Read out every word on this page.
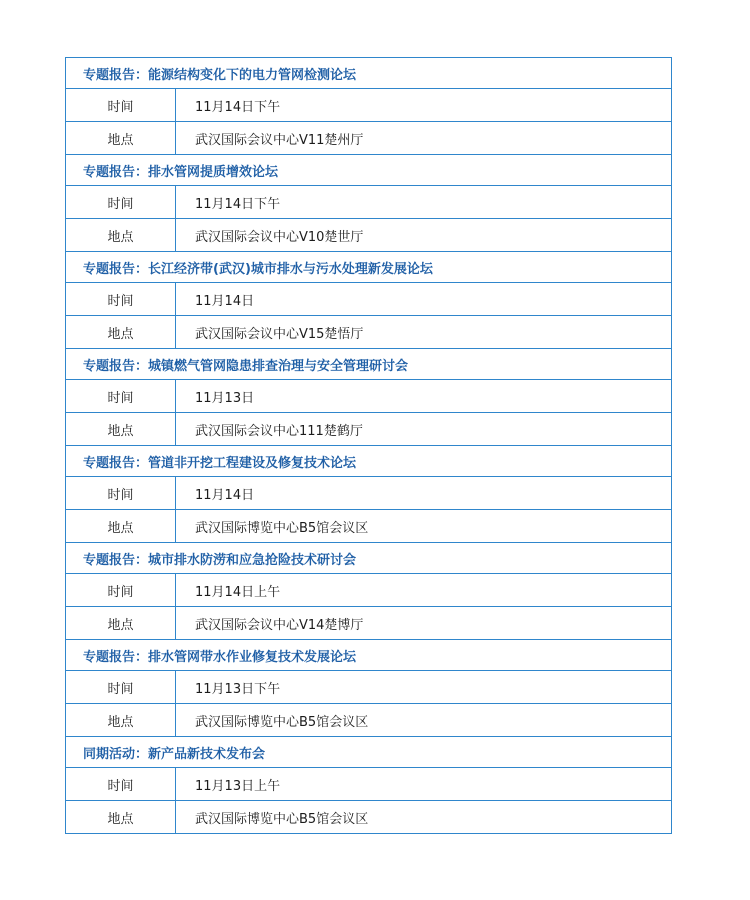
专题报告：能源结构变化下的电力管网检测论坛	
时间	11月14日下午
地点	武汉国际会议中心V11楚州厅
专题报告：排水管网提质增效论坛	
时间	11月14日下午
地点	武汉国际会议中心V10楚世厅
专题报告：长江经济带(武汉)城市排水与污水处理新发展论坛	
时间	11月14日
地点	武汉国际会议中心V15楚悟厅
专题报告：城镇燃气管网隐患排查治理与安全管理研讨会	
时间	11月13日
地点	武汉国际会议中心111楚鹤厅
专题报告：管道非开挖工程建设及修复技术论坛	
时间	11月14日
地点	武汉国际博览中心B5馆会议区
专题报告：城市排水防涝和应急抢险技术研讨会	
时间	11月14日上午
地点	武汉国际会议中心V14楚博厅
专题报告：排水管网带水作业修复技术发展论坛	
时间	11月13日下午
地点	武汉国际博览中心B5馆会议区
同期活动：新产品新技术发布会	
时间	11月13日上午
地点	武汉国际博览中心B5馆会议区
